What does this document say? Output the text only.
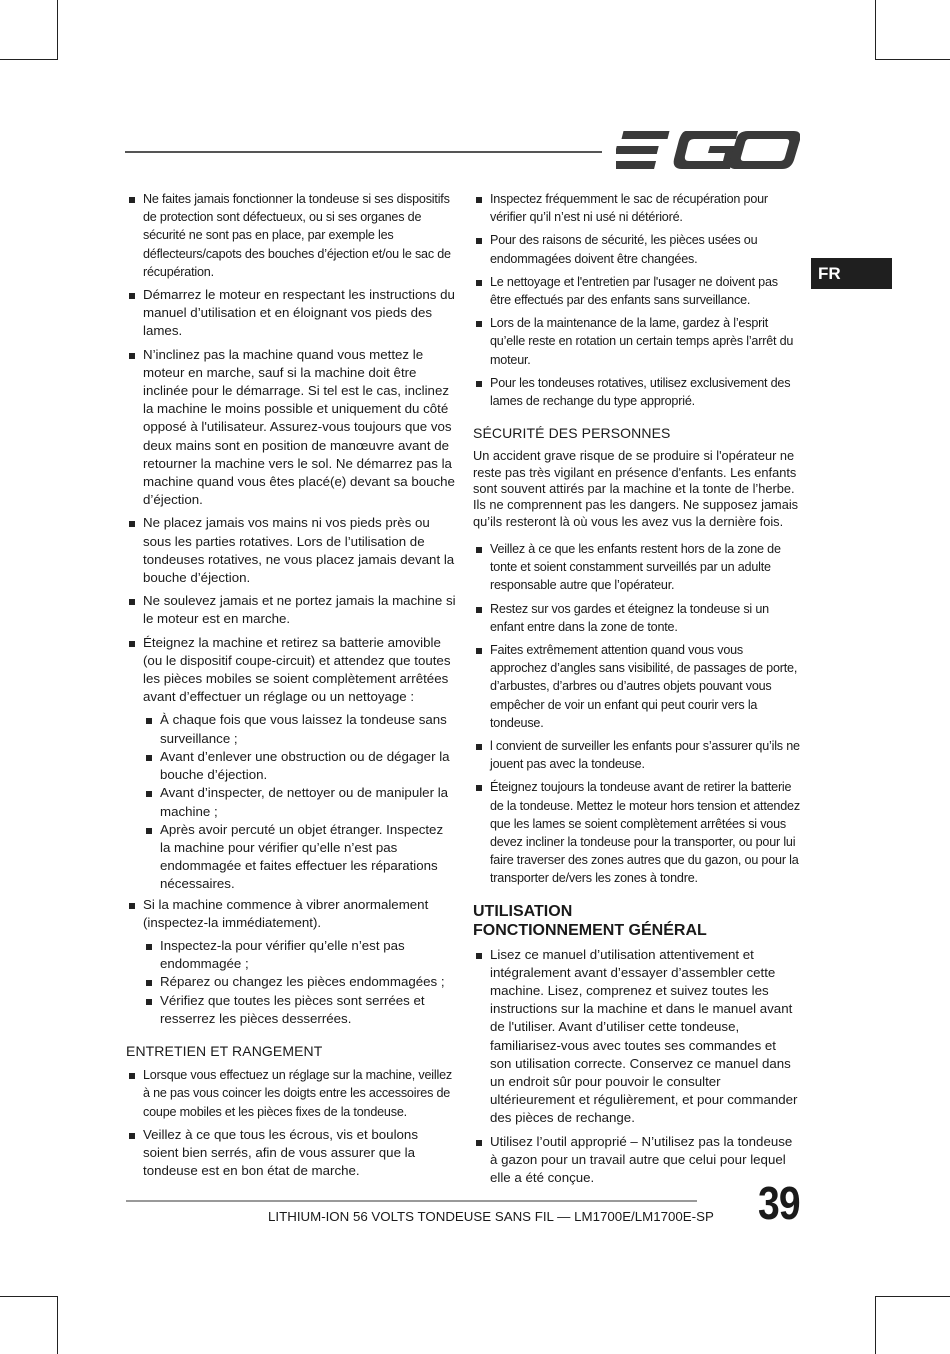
FR
Ne faites jamais fonctionner la tondeuse si ses dispositifs de protection sont défectueux, ou si ses organes de sécurité ne sont pas en place, par exemple les déflecteurs/capots des bouches d’éjection et/ou le sac de récupération.
Démarrez le moteur en respectant les instructions du manuel d’utilisation et en éloignant vos pieds des lames.
N’inclinez pas la machine quand vous mettez le moteur en marche, sauf si la machine doit être inclinée pour le démarrage. Si tel est le cas, inclinez la machine le moins possible et uniquement du côté opposé à l'utilisateur. Assurez-vous toujours que vos deux mains sont en position de manœuvre avant de retourner la machine vers le sol. Ne démarrez pas la machine quand vous êtes placé(e) devant sa bouche d’éjection.
Ne placez jamais vos mains ni vos pieds près ou sous les parties rotatives. Lors de l’utilisation de tondeuses rotatives, ne vous placez jamais devant la bouche d’éjection.
Ne soulevez jamais et ne portez jamais la machine si le moteur est en marche.
Éteignez la machine et retirez sa batterie amovible (ou le dispositif coupe-circuit) et attendez que toutes les pièces mobiles se soient complètement arrêtées avant d’effectuer un réglage ou un nettoyage :
À chaque fois que vous laissez la tondeuse sans surveillance ;
Avant d’enlever une obstruction ou de dégager la bouche d’éjection.
Avant d’inspecter, de nettoyer ou de manipuler la machine ;
Après avoir percuté un objet étranger. Inspectez la machine pour vérifier qu’elle n’est pas endommagée et faites effectuer les réparations nécessaires.
Si la machine commence à vibrer anormalement (inspectez-la immédiatement).
Inspectez-la pour vérifier qu’elle n’est pas endommagée ;
Réparez ou changez les pièces endommagées ;
Vérifiez que toutes les pièces sont serrées et resserrez les pièces desserrées.
ENTRETIEN ET RANGEMENT
Lorsque vous effectuez un réglage sur la machine, veillez à ne pas vous coincer les doigts entre les accessoires de coupe mobiles et les pièces fixes de la tondeuse.
Veillez à ce que tous les écrous, vis et boulons soient bien serrés, afin de vous assurer que la tondeuse est en bon état de marche.
Inspectez fréquemment le sac de récupération pour vérifier qu’il n’est ni usé ni détérioré.
Pour des raisons de sécurité, les pièces usées ou endommagées doivent être changées.
Le nettoyage et l'entretien par l'usager ne doivent pas être effectués par des enfants sans surveillance.
Lors de la maintenance de la lame, gardez à l’esprit qu’elle reste en rotation un certain temps après l’arrêt du moteur.
Pour les tondeuses rotatives, utilisez exclusivement des lames de rechange du type approprié.
SÉCURITÉ DES PERSONNES

Un accident grave risque de se produire si l'opérateur ne reste pas très vigilant en présence d'enfants. Les enfants sont souvent attirés par la machine et la tonte de l’herbe. Ils ne comprennent pas les dangers. Ne supposez jamais qu’ils resteront là où vous les avez vus la dernière fois.

Veillez à ce que les enfants restent hors de la zone de tonte et soient constamment surveillés par un adulte responsable autre que l’opérateur.
Restez sur vos gardes et éteignez la tondeuse si un enfant entre dans la zone de tonte.
Faites extrêmement attention quand vous vous approchez d’angles sans visibilité, de passages de porte, d’arbustes, d’arbres ou d’autres objets pouvant vous empêcher de voir un enfant qui peut courir vers la tondeuse.
l convient de surveiller les enfants pour s’assurer qu’ils ne jouent pas avec la tondeuse.
Éteignez toujours la tondeuse avant de retirer la batterie de la tondeuse. Mettez le moteur hors tension et attendez que les lames se soient complètement arrêtées si vous devez incliner la tondeuse pour la transporter, ou pour lui faire traverser des zones autres que du gazon, ou pour la transporter de/vers les zones à tondre.
UTILISATION
FONCTIONNEMENT GÉNÉRAL
Lisez ce manuel d’utilisation attentivement et intégralement avant d’essayer d’assembler cette machine. Lisez, comprenez et suivez toutes les instructions sur la machine et dans le manuel avant de l'utiliser. Avant d’utiliser cette tondeuse, familiarisez-vous avec toutes ses commandes et son utilisation correcte. Conservez ce manuel dans un endroit sûr pour pouvoir le consulter ultérieurement et régulièrement, et pour commander des pièces de rechange.
Utilisez l’outil approprié – N’utilisez pas la tondeuse à gazon pour un travail autre que celui pour lequel elle a été conçue.
LITHIUM-ION 56 VOLTS TONDEUSE SANS FIL — LM1700E/LM1700E-SP 39
